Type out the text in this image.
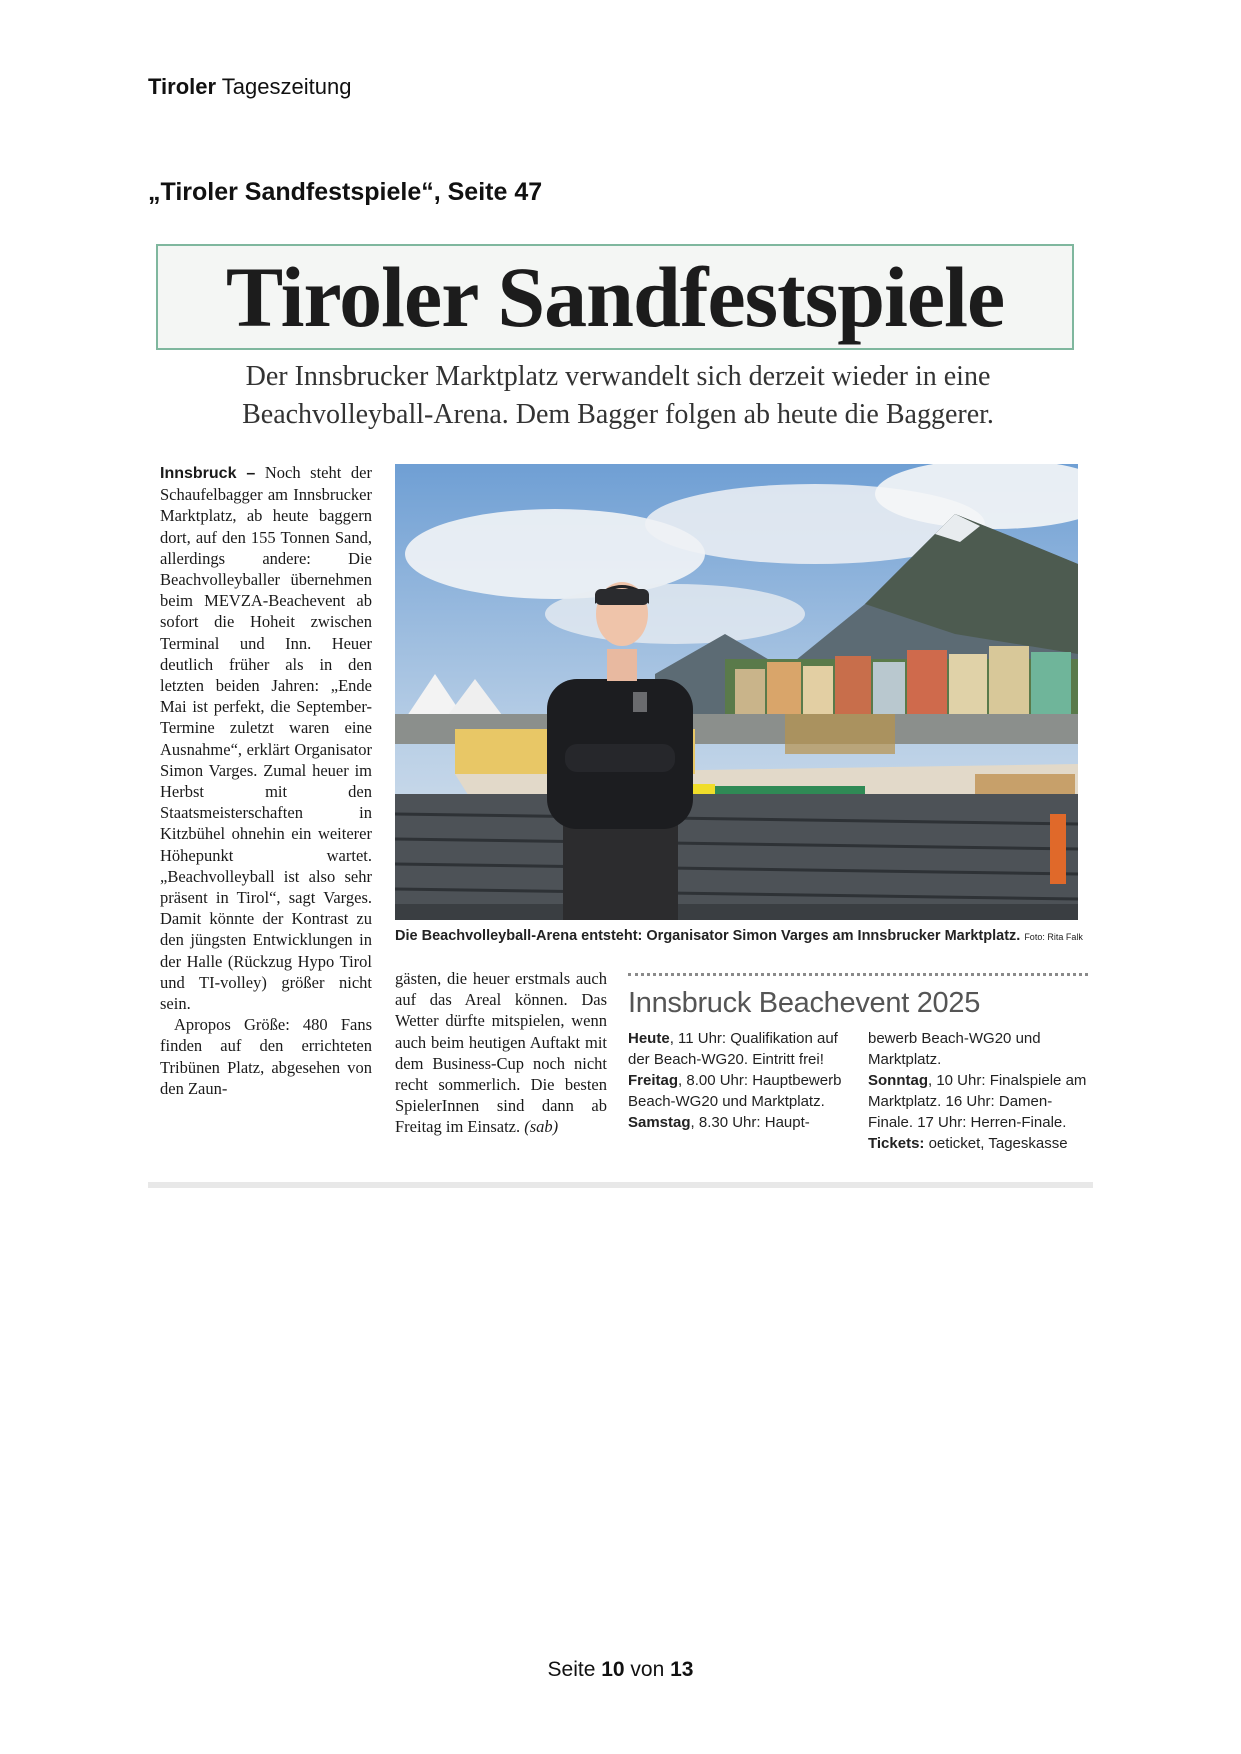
Tiroler Tageszeitung
„Tiroler Sandfestspiele“, Seite 47
Tiroler Sandfestspiele
Der Innsbrucker Marktplatz verwandelt sich derzeit wieder in eine
Beachvolleyball-Arena. Dem Bagger folgen ab heute die Baggerer.

Innsbruck – Noch steht der Schaufelbagger am Innsbrucker Marktplatz, ab heute baggern dort, auf den 155 Tonnen Sand, allerdings andere: Die Beachvolleyballer übernehmen beim MEVZA-Beachevent ab sofort die Hoheit zwischen Terminal und Inn. Heuer deutlich früher als in den letzten beiden Jahren: „Ende Mai ist perfekt, die September-Termine zuletzt waren eine Ausnahme“, erklärt Organisator Simon Varges. Zumal heuer im Herbst mit den Staatsmeisterschaften in Kitzbühel ohnehin ein weiterer Höhepunkt wartet. „Beachvolleyball ist also sehr präsent in Tirol“, sagt Varges. Damit könnte der Kontrast zu den jüngsten Entwicklungen in der Halle (Rückzug Hypo Tirol und TI-volley) größer nicht sein.

Apropos Größe: 480 Fans finden auf den errichteten Tribünen Platz, abgesehen von den Zaun-

Die Beachvolleyball-Arena entsteht: Organisator Simon Varges am Innsbrucker Marktplatz. Foto: Rita Falk

gästen, die heuer erstmals auch auf das Areal können. Das Wetter dürfte mitspielen, wenn auch beim heutigen Auftakt mit dem Business-Cup noch nicht recht sommerlich. Die besten SpielerInnen sind dann ab Freitag im Einsatz. (sab)

Innsbruck Beachevent 2025
Heute, 11 Uhr: Qualifikation auf der Beach-WG20. Eintritt frei!
Freitag, 8.00 Uhr: Hauptbewerb Beach-WG20 und Marktplatz.
Samstag, 8.30 Uhr: Haupt-
bewerb Beach-WG20 und Marktplatz.
Sonntag, 10 Uhr: Finalspiele am Marktplatz. 16 Uhr: Damen-Finale. 17 Uhr: Herren-Finale.
Tickets: oeticket, Tageskasse
Seite 10 von 13
